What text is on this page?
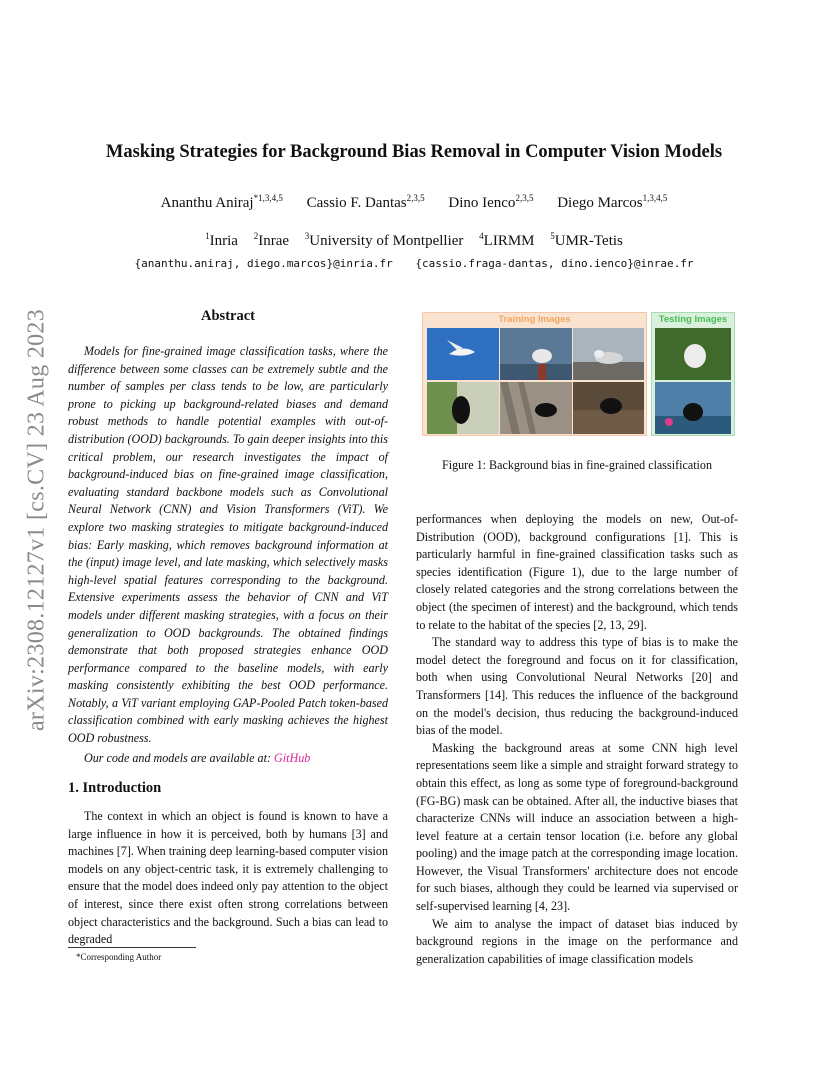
arXiv:2308.12127v1 [cs.CV] 23 Aug 2023
Masking Strategies for Background Bias Removal in Computer Vision Models
Ananthu Aniraj$^{*1,3,4,5}$ Cassio F. Dantas$^{2,3,5}$ Dino Ienco$^{2,3,5}$ Diego Marcos$^{1,3,4,5}$
$^1$Inria $^2$Inrae $^3$University of Montpellier $^4$LIRMM $^5$UMR-Tetis
{ananthu.aniraj, diego.marcos}@inria.fr {cassio.fraga-dantas, dino.ienco}@inrae.fr
Abstract

Models for fine-grained image classification tasks, where the difference between some classes can be extremely subtle and the number of samples per class tends to be low, are particularly prone to picking up background-related biases and demand robust methods to handle potential examples with out-of-distribution (OOD) backgrounds. To gain deeper insights into this critical problem, our research investigates the impact of background-induced bias on fine-grained image classification, evaluating standard backbone models such as Convolutional Neural Network (CNN) and Vision Transformers (ViT). We explore two masking strategies to mitigate background-induced bias: Early masking, which removes background information at the (input) image level, and late masking, which selectively masks high-level spatial features corresponding to the background. Extensive experiments assess the behavior of CNN and ViT models under different masking strategies, with a focus on their generalization to OOD backgrounds. The obtained findings demonstrate that both proposed strategies enhance OOD performance compared to the baseline models, with early masking consistently exhibiting the best OOD performance. Notably, a ViT variant employing GAP-Pooled Patch token-based classification combined with early masking achieves the highest OOD robustness.

Our code and models are available at: GitHub

1. Introduction

The context in which an object is found is known to have a large influence in how it is perceived, both by humans [3] and machines [7]. When training deep learning-based computer vision models on any object-centric task, it is extremely challenging to ensure that the model does indeed only pay attention to the object of interest, since there exist often strong correlations between object characteristics and the background. Such a bias can lead to degraded

*Corresponding Author
Training Images	Testing Images
Figure 1: Background bias in fine-grained classification

performances when deploying the models on new, Out-of-Distribution (OOD), background configurations [1]. This is particularly harmful in fine-grained classification tasks such as species identification (Figure 1), due to the large number of closely related categories and the strong correlations between the object (the specimen of interest) and the background, which tends to relate to the habitat of the species [2, 13, 29].

The standard way to address this type of bias is to make the model detect the foreground and focus on it for classification, both when using Convolutional Neural Networks [20] and Transformers [14]. This reduces the influence of the background on the model's decision, thus reducing the background-induced bias of the model.

Masking the background areas at some CNN high level representations seem like a simple and straight forward strategy to obtain this effect, as long as some type of foreground-background (FG-BG) mask can be obtained. After all, the inductive biases that characterize CNNs will induce an association between a high-level feature at a certain tensor location (i.e. before any global pooling) and the image patch at the corresponding image location. However, the Visual Transformers' architecture does not encode for such biases, although they could be learned via supervised or self-supervised learning [4, 23].

We aim to analyse the impact of dataset bias induced by background regions in the image on the performance and generalization capabilities of image classification models
